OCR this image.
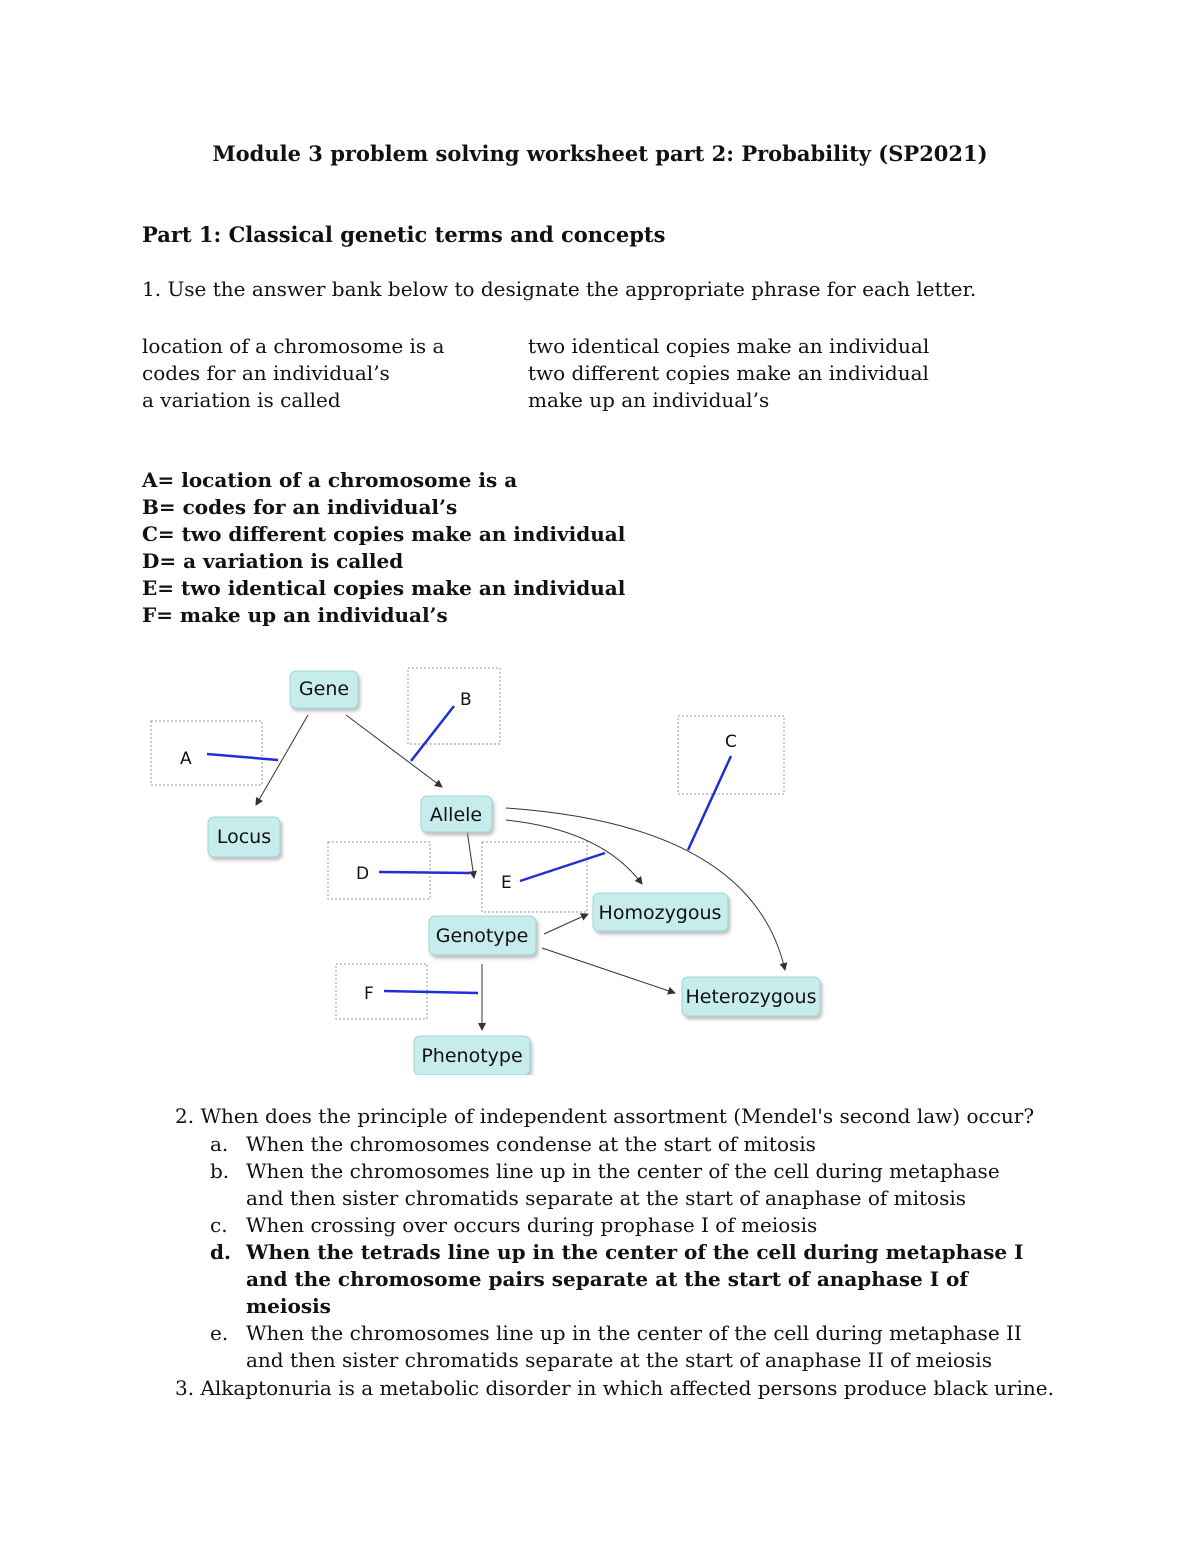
Module 3 problem solving worksheet part 2: Probability (SP2021)
Part 1: Classical genetic terms and concepts
1. Use the answer bank below to designate the appropriate phrase for each letter.
location of a chromosome is a
codes for an individual’s
a variation is called
two identical copies make an individual
two different copies make an individual
make up an individual’s
A= location of a chromosome is a
B= codes for an individual’s
C= two different copies make an individual
D= a variation is called
E= two identical copies make an individual
F= make up an individual’s
A
B
C
D	E
F
Gene
Locus
Allele
Genotype
Homozygous
Heterozygous
Phenotype
2. When does the principle of independent assortment (Mendel's second law) occur?
a. When the chromosomes condense at the start of mitosis
b. When the chromosomes line up in the center of the cell during metaphase and then sister chromatids separate at the start of anaphase of mitosis
c. When crossing over occurs during prophase I of meiosis
d. When the tetrads line up in the center of the cell during metaphase I and the chromosome pairs separate at the start of anaphase I of meiosis
e. When the chromosomes line up in the center of the cell during metaphase II and then sister chromatids separate at the start of anaphase II of meiosis
3. Alkaptonuria is a metabolic disorder in which affected persons produce black urine.
